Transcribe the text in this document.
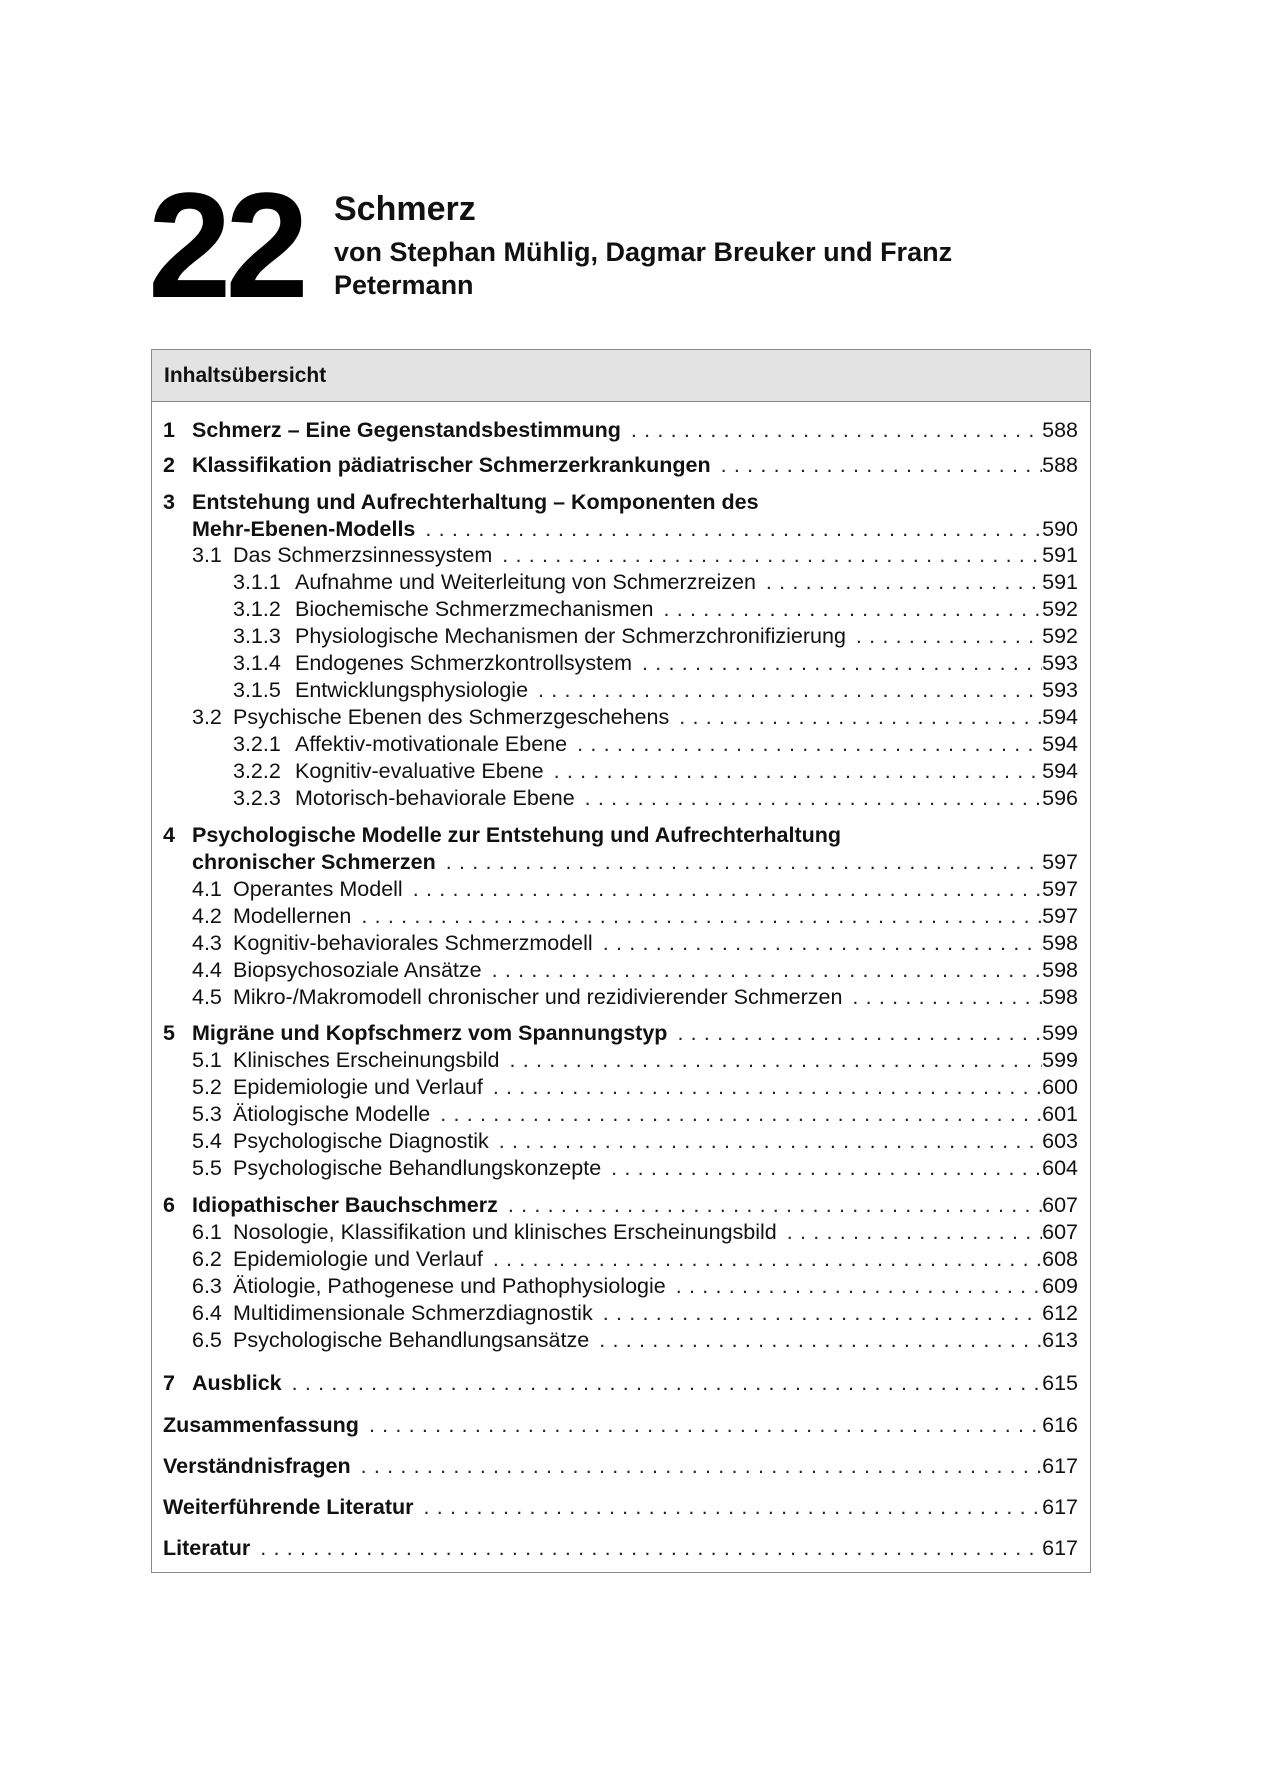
22 Schmerz
von Stephan Mühlig, Dagmar Breuker und Franz Petermann
Inhaltsübersicht
1 Schmerz – Eine Gegenstandsbestimmung . . .	588
2 Klassifikation pädiatrischer Schmerzerkrankungen . . .	588
3 Entstehung und Aufrechterhaltung – Komponenten des
Mehr-Ebenen-Modells . . .	590
3.1 Das Schmerzsinnessystem . . .	591
3.1.1 Aufnahme und Weiterleitung von Schmerzreizen . . .	591
3.1.2 Biochemische Schmerzmechanismen . . .	592
3.1.3 Physiologische Mechanismen der Schmerzchronifizierung . . .	592
3.1.4 Endogenes Schmerzkontrollsystem . . .	593
3.1.5 Entwicklungsphysiologie . . .	593
3.2 Psychische Ebenen des Schmerzgeschehens . . .	594
3.2.1 Affektiv-motivationale Ebene . . .	594
3.2.2 Kognitiv-evaluative Ebene . . .	594
3.2.3 Motorisch-behaviorale Ebene . . .	596
4 Psychologische Modelle zur Entstehung und Aufrechterhaltung
chronischer Schmerzen . . .	597
4.1 Operantes Modell . . .	597
4.2 Modellernen . . .	597
4.3 Kognitiv-behaviorales Schmerzmodell . . .	598
4.4 Biopsychosoziale Ansätze . . .	598
4.5 Mikro-/Makromodell chronischer und rezidivierender Schmerzen . . .	598
5 Migräne und Kopfschmerz vom Spannungstyp . . .	599
5.1 Klinisches Erscheinungsbild . . .	599
5.2 Epidemiologie und Verlauf . . .	600
5.3 Ätiologische Modelle . . .	601
5.4 Psychologische Diagnostik . . .	603
5.5 Psychologische Behandlungskonzepte . . .	604
6 Idiopathischer Bauchschmerz . . .	607
6.1 Nosologie, Klassifikation und klinisches Erscheinungsbild . . .	607
6.2 Epidemiologie und Verlauf . . .	608
6.3 Ätiologie, Pathogenese und Pathophysiologie . . .	609
6.4 Multidimensionale Schmerzdiagnostik . . .	612
6.5 Psychologische Behandlungsansätze . . .	613
7 Ausblick . . .	615
Zusammenfassung . . .	616
Verständnisfragen . . .	617
Weiterführende Literatur . . .	617
Literatur . . .	617
